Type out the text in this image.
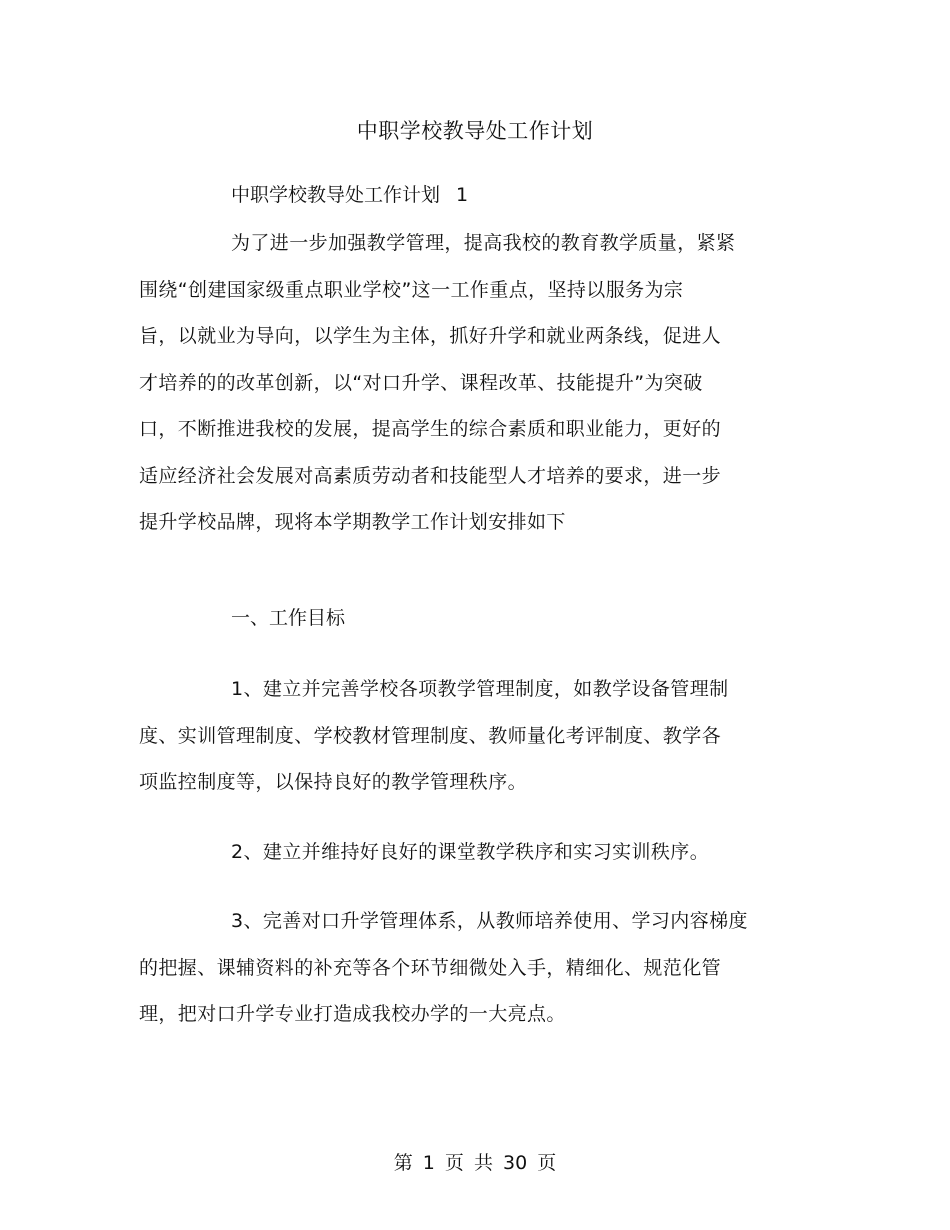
中职学校教导处工作计划
中职学校教导处工作计划 1
为了进一步加强教学管理，提高我校的教育教学质量，紧紧
围绕“创建国家级重点职业学校”这一工作重点，坚持以服务为宗
旨，以就业为导向，以学生为主体，抓好升学和就业两条线，促进人
才培养的的改革创新，以“对口升学、课程改革、技能提升”为突破
口，不断推进我校的发展，提高学生的综合素质和职业能力，更好的
适应经济社会发展对高素质劳动者和技能型人才培养的要求，进一步
提升学校品牌，现将本学期教学工作计划安排如下
一、工作目标
1、建立并完善学校各项教学管理制度，如教学设备管理制
度、实训管理制度、学校教材管理制度、教师量化考评制度、教学各
项监控制度等，以保持良好的教学管理秩序。
2、建立并维持好良好的课堂教学秩序和实习实训秩序。
3、完善对口升学管理体系，从教师培养使用、学习内容梯度
的把握、课辅资料的补充等各个环节细微处入手，精细化、规范化管
理，把对口升学专业打造成我校办学的一大亮点。
第 1 页 共 30 页
